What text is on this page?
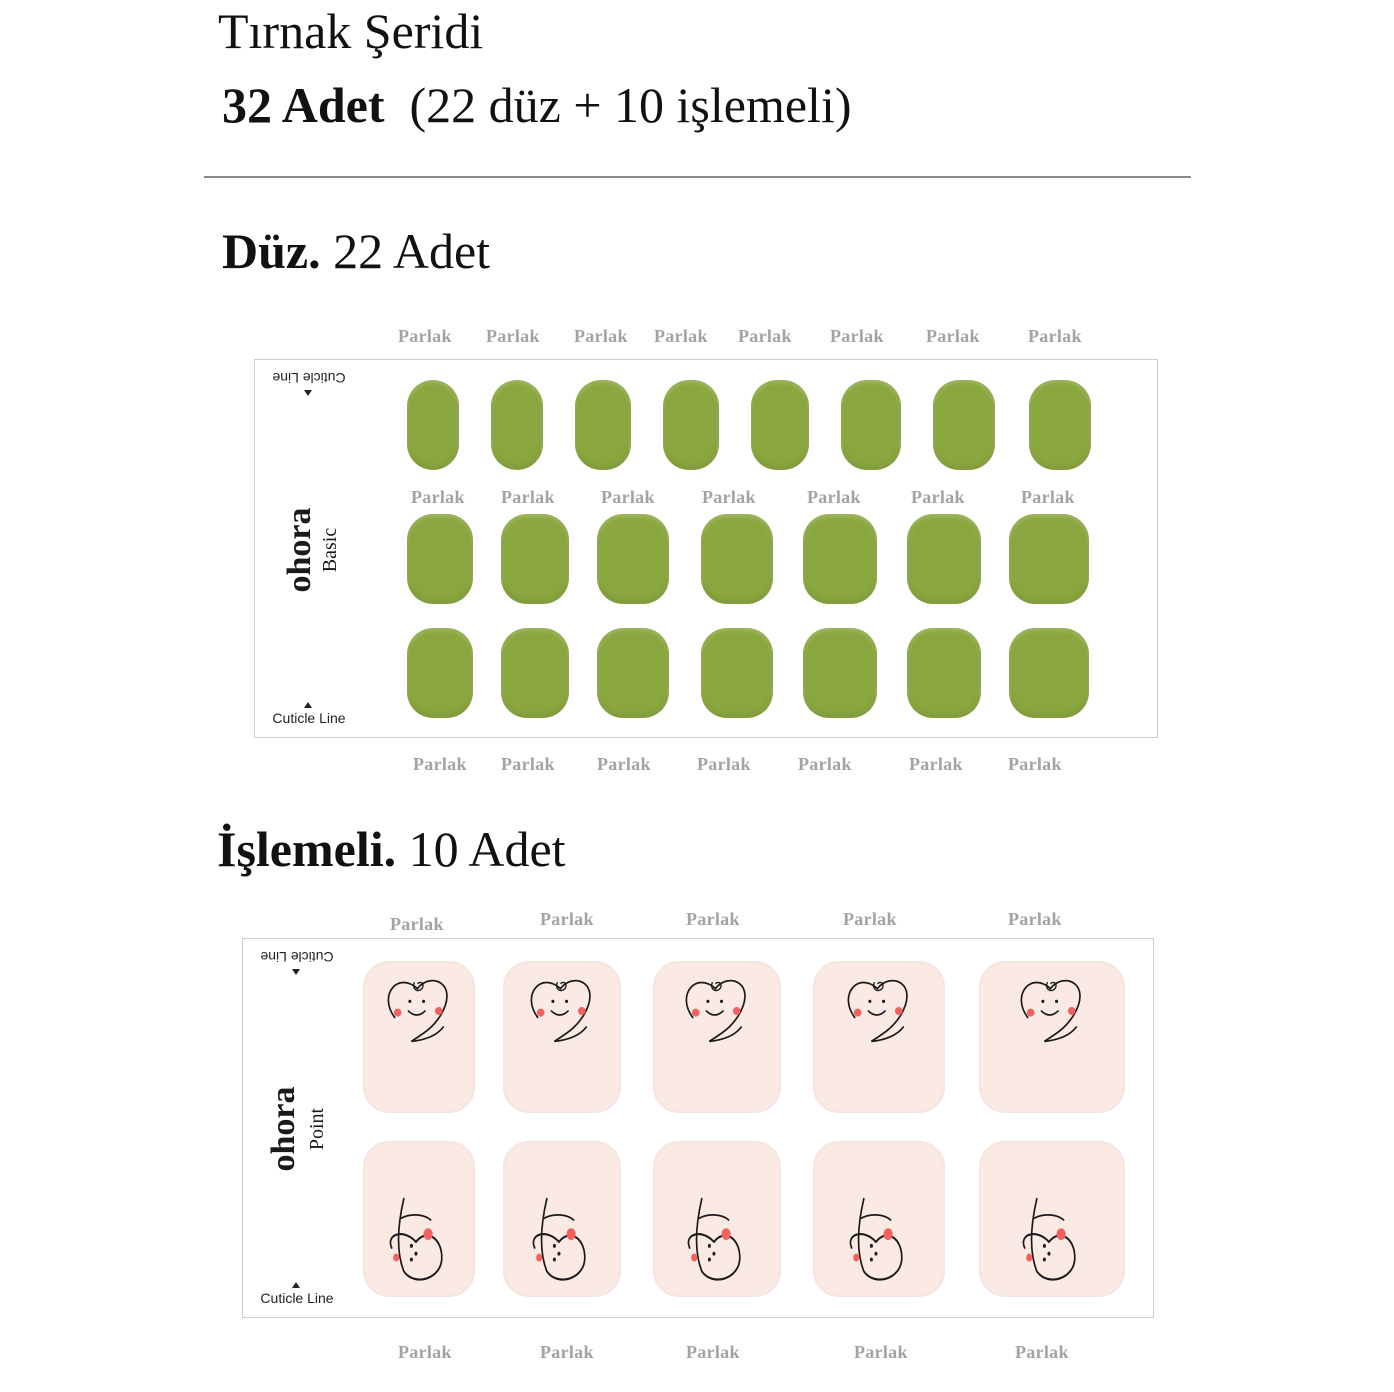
Tırnak Şeridi
32 Adet (22 düz + 10 işlemeli)
Düz. 22 Adet
Cuticle Line
Cuticle Line
ohora Basic
İşlemeli. 10 Adet
Cuticle Line
Cuticle Line
ohora Point
Parlak Parlak Parlak Parlak Parlak Parlak Parlak	Parlak
Parlak Parlak	Parlak	Parlak	Parlak	Parlak	Parlak
Parlak Parlak Parlak	Parlak	Parlak	Parlak	Parlak
Parlak	Parlak	Parlak	Parlak	Parlak
Parlak	Parlak	Parlak	Parlak	Parlak
